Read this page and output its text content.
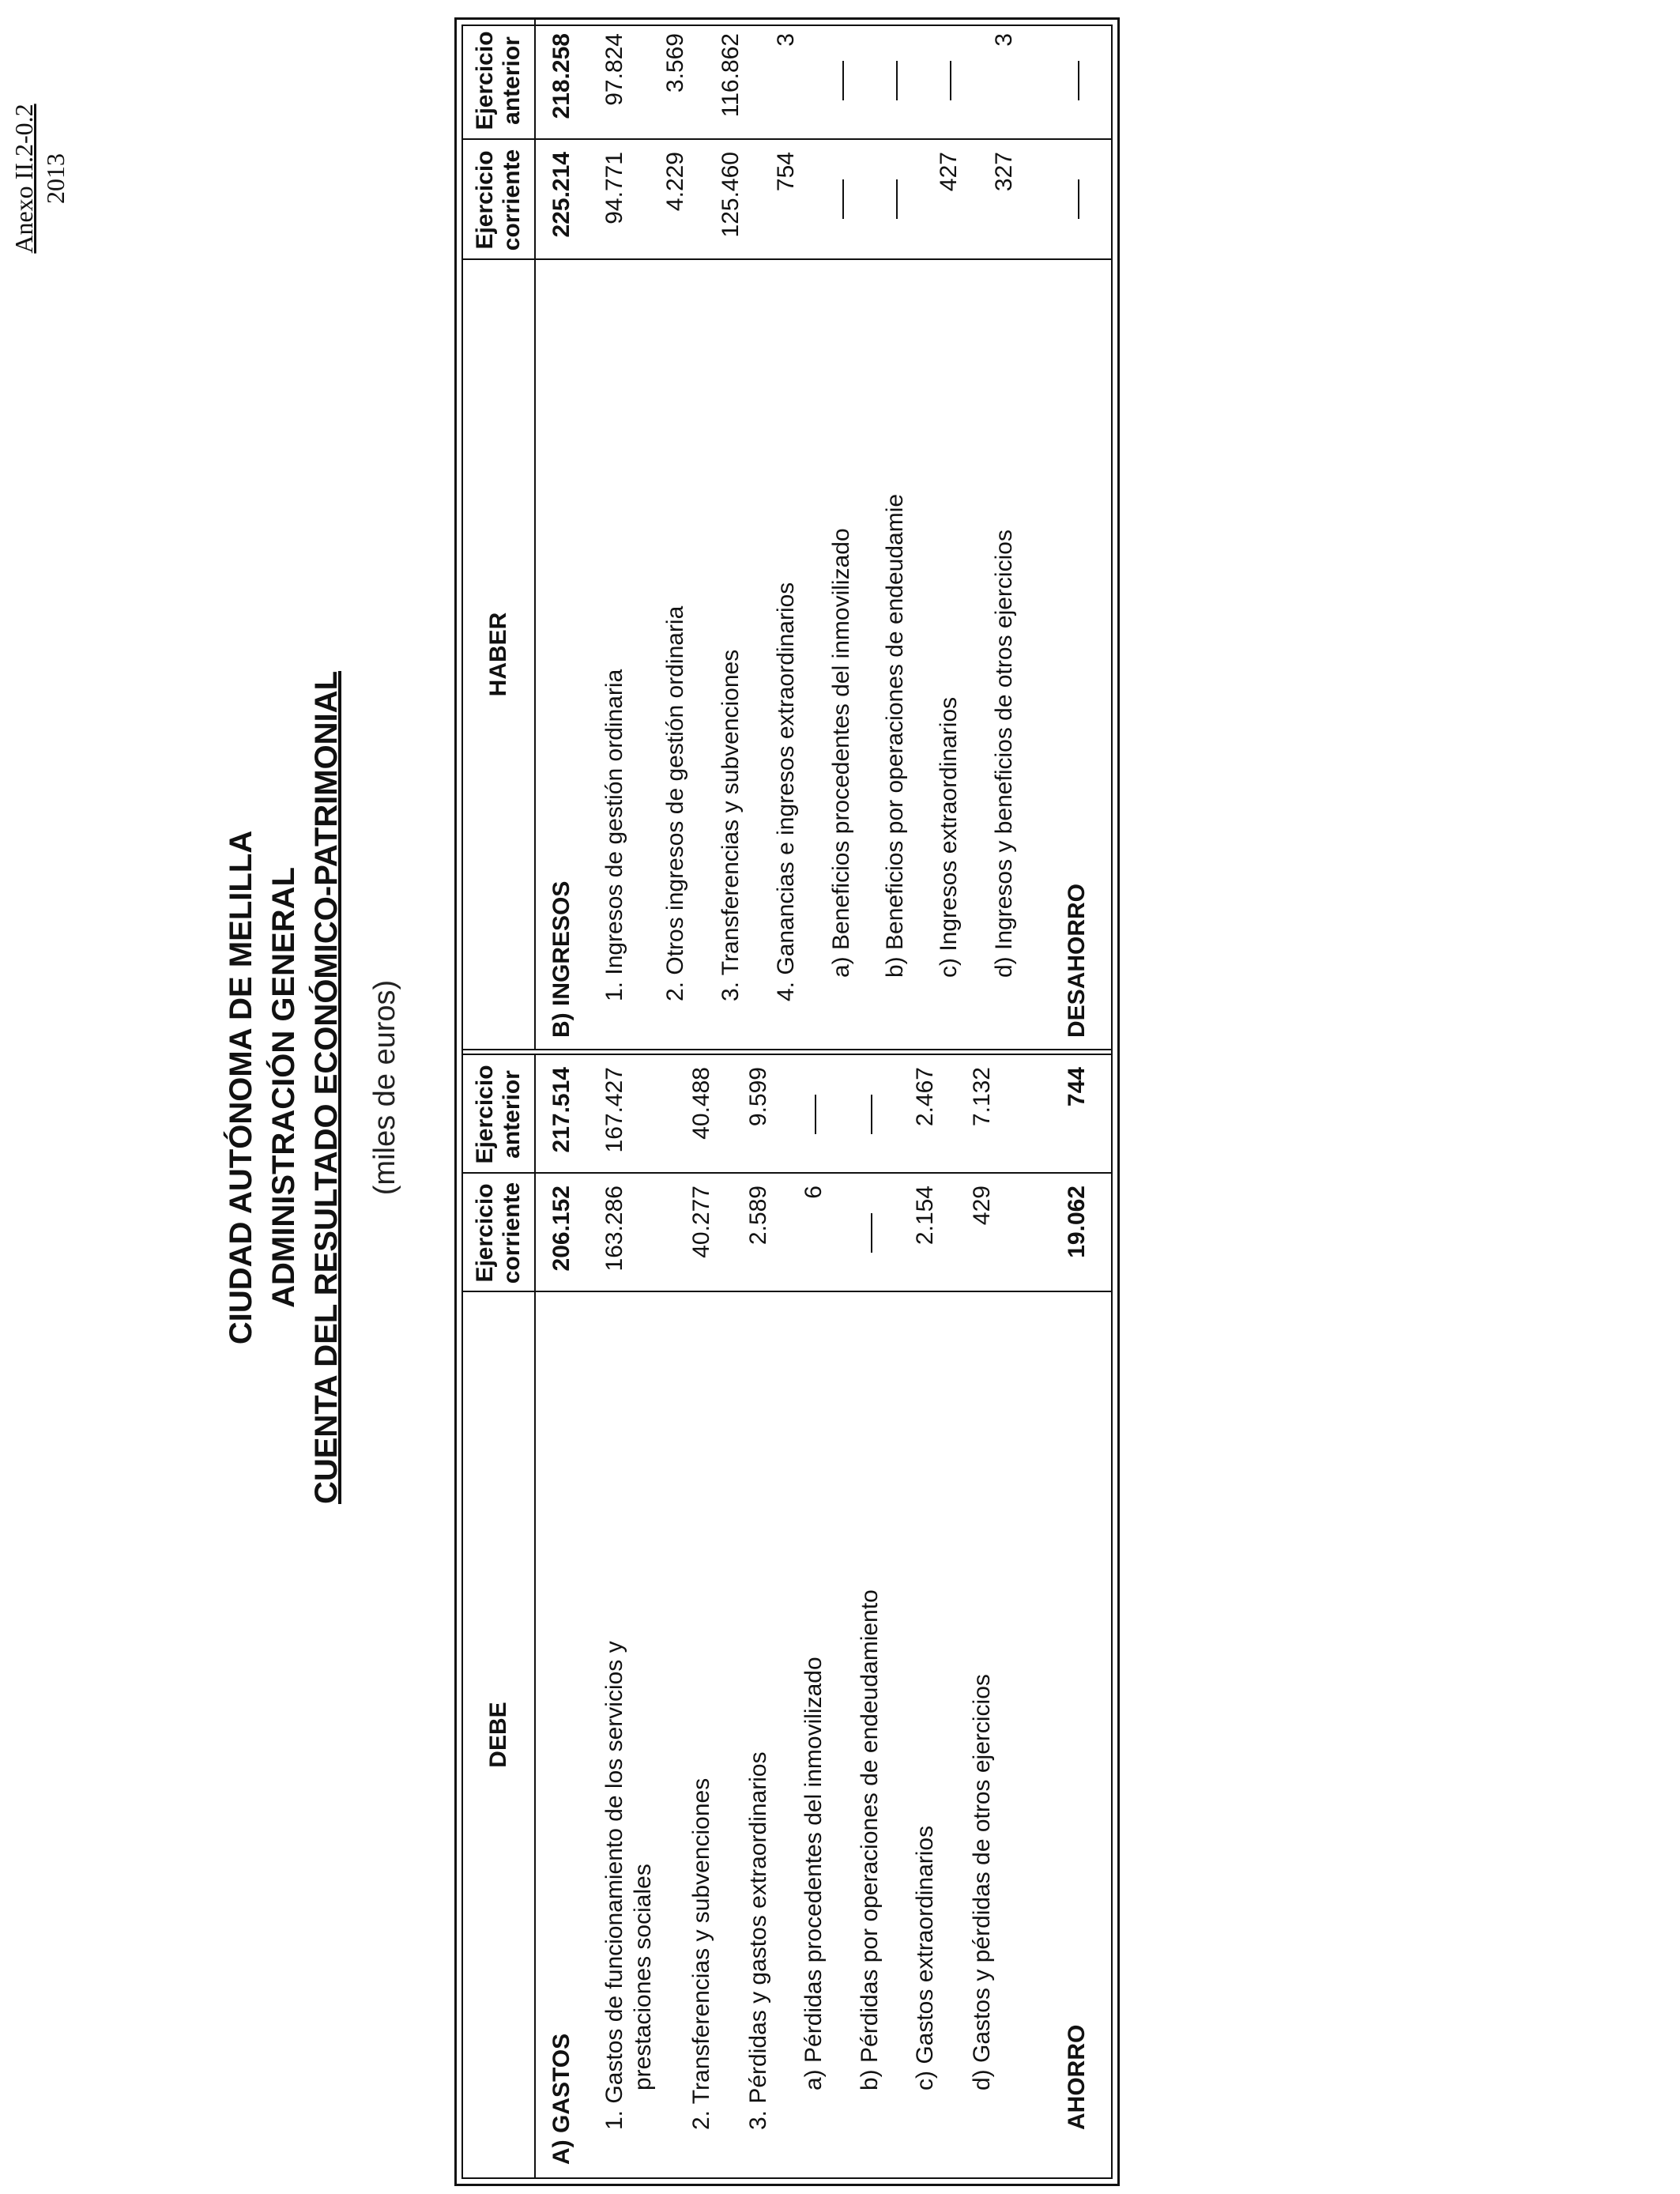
Anexo II.2-0.2 2013
CIUDAD AUTÓNOMA DE MELILLA ADMINISTRACIÓN GENERAL CUENTA DEL RESULTADO ECONÓMICO-PATRIMONIAL (miles de euros)
DEBE
Ejercicio
corriente
Ejercicio
anterior
A) GASTOS
206.152
217.514
1. Gastos de funcionamiento de los servicios y prestaciones sociales
163.286
167.427
2. Transferencias y subvenciones
40.277
40.488
3. Pérdidas y gastos extraordinarios
2.589
9.599
a) Pérdidas procedentes del inmovilizado
6
b) Pérdidas por operaciones de endeudamiento c) Gastos extraordinarios
2.154
2.467
d) Gastos y pérdidas de otros ejercicios
429
7.132
AHORRO
19.062
744
HABER
Ejercicio
corriente
Ejercicio
anterior
B) INGRESOS
225.214
218.258
1. Ingresos de gestión ordinaria
94.771
97.824
2. Otros ingresos de gestión ordinaria
4.229
3.569
3. Transferencias y subvenciones
125.460
116.862
4. Ganancias e ingresos extraordinarios
754
3
a) Beneficios procedentes del inmovilizado b) Beneficios por operaciones de endeudamie c) Ingresos extraordinarios
427
d) Ingresos y beneficios de otros ejercicios
327
3
DESAHORRO
